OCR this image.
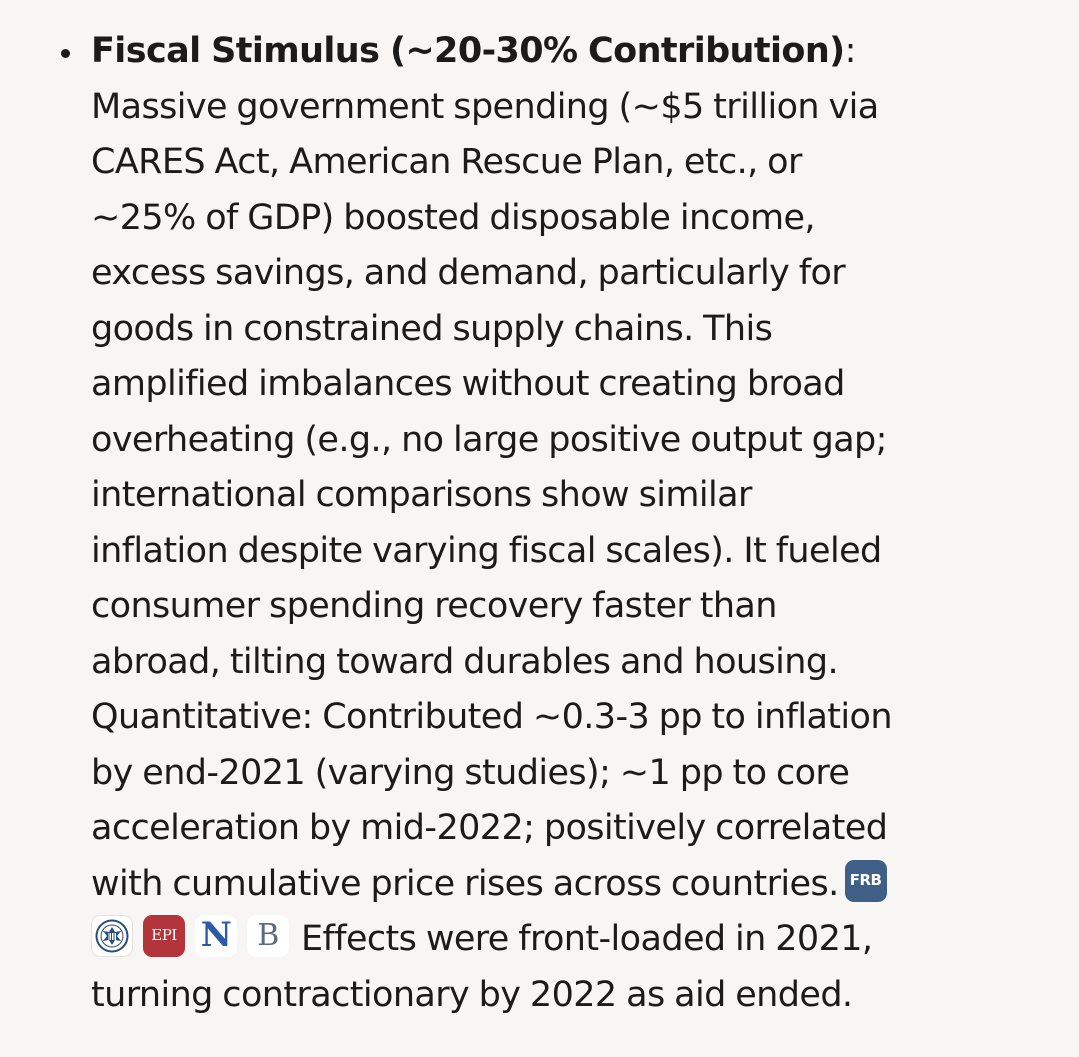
Fiscal Stimulus (~20-30% Contribution):
Massive government spending (~$5 trillion via
CARES Act, American Rescue Plan, etc., or
~25% of GDP) boosted disposable income,
excess savings, and demand, particularly for
goods in constrained supply chains. This
amplified imbalances without creating broad
overheating (e.g., no large positive output gap;
international comparisons show similar
inflation despite varying fiscal scales). It fueled
consumer spending recovery faster than
abroad, tilting toward durables and housing.
Quantitative: Contributed ~0.3-3 pp to inflation
by end-2021 (varying studies); ~1 pp to core
acceleration by mid-2022; positively correlated
with cumulative price rises across countries. FRB
EPI N B Effects were front-loaded in 2021,
turning contractionary by 2022 as aid ended.
